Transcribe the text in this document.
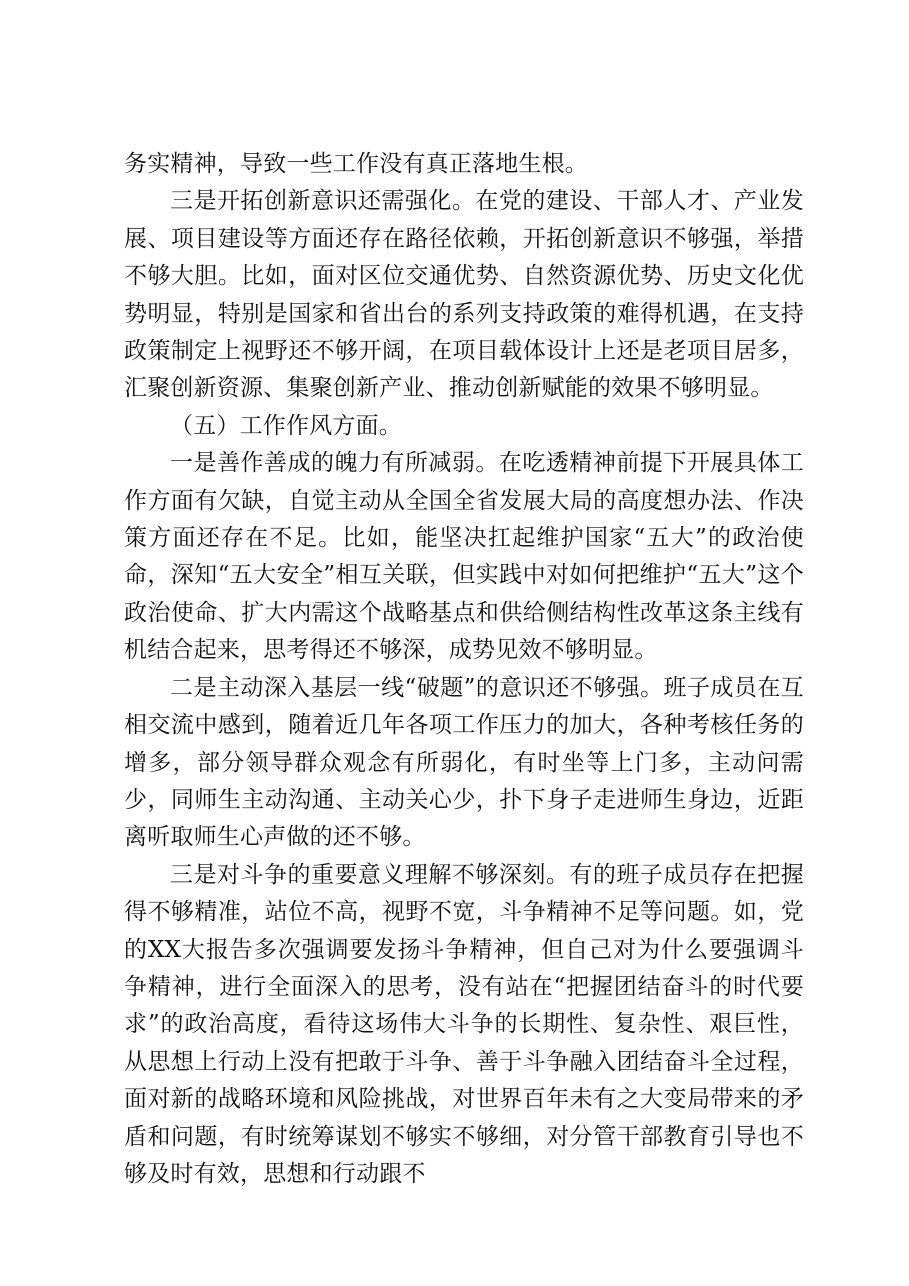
务实精神，导致一些工作没有真正落地生根。

三是开拓创新意识还需强化。在党的建设、干部人才、产业发展、项目建设等方面还存在路径依赖，开拓创新意识不够强，举措不够大胆。比如，面对区位交通优势、自然资源优势、历史文化优势明显，特别是国家和省出台的系列支持政策的难得机遇，在支持政策制定上视野还不够开阔，在项目载体设计上还是老项目居多，汇聚创新资源、集聚创新产业、推动创新赋能的效果不够明显。

（五）工作作风方面。

一是善作善成的魄力有所减弱。在吃透精神前提下开展具体工作方面有欠缺，自觉主动从全国全省发展大局的高度想办法、作决策方面还存在不足。比如，能坚决扛起维护国家“五大”的政治使命，深知“五大安全”相互关联，但实践中对如何把维护“五大”这个政治使命、扩大内需这个战略基点和供给侧结构性改革这条主线有机结合起来，思考得还不够深，成势见效不够明显。

二是主动深入基层一线“破题”的意识还不够强。班子成员在互相交流中感到，随着近几年各项工作压力的加大，各种考核任务的增多，部分领导群众观念有所弱化，有时坐等上门多，主动问需少，同师生主动沟通、主动关心少，扑下身子走进师生身边，近距离听取师生心声做的还不够。

三是对斗争的重要意义理解不够深刻。有的班子成员存在把握得不够精准，站位不高，视野不宽，斗争精神不足等问题。如，党的XX大报告多次强调要发扬斗争精神，但自己对为什么要强调斗争精神，进行全面深入的思考，没有站在“把握团结奋斗的时代要求”的政治高度，看待这场伟大斗争的长期性、复杂性、艰巨性，从思想上行动上没有把敢于斗争、善于斗争融入团结奋斗全过程，面对新的战略环境和风险挑战，对世界百年未有之大变局带来的矛盾和问题，有时统筹谋划不够实不够细，对分管干部教育引导也不够及时有效，思想和行动跟不
